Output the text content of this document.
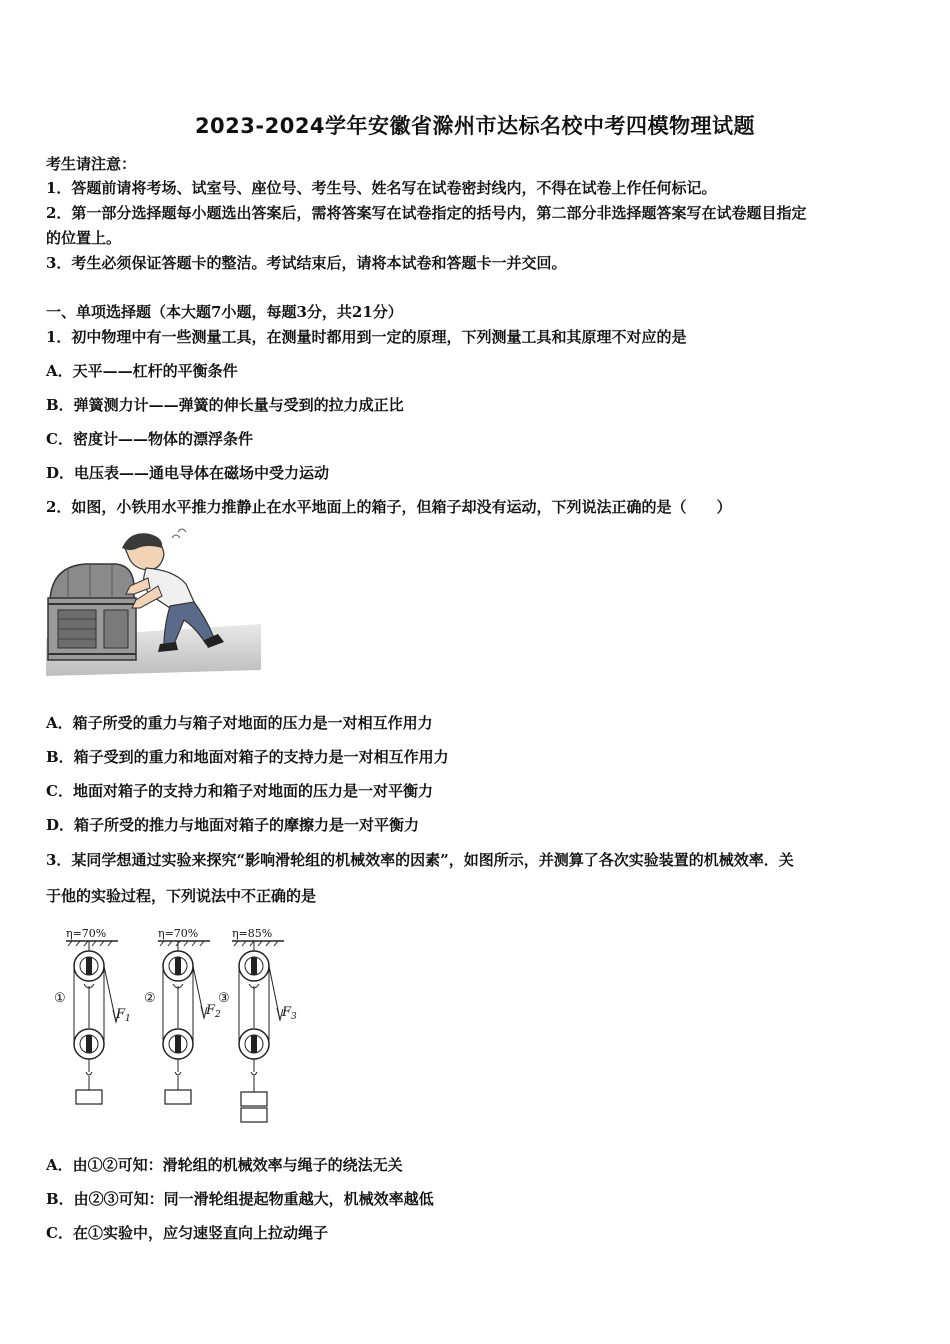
2023-2024学年安徽省滁州市达标名校中考四模物理试题
考生请注意：
1．答题前请将考场、试室号、座位号、考生号、姓名写在试卷密封线内，不得在试卷上作任何标记。
2．第一部分选择题每小题选出答案后，需将答案写在试卷指定的括号内，第二部分非选择题答案写在试卷题目指定
的位置上。
3．考生必须保证答题卡的整洁。考试结束后，请将本试卷和答题卡一并交回。
一、单项选择题（本大题7小题，每题3分，共21分）
1．初中物理中有一些测量工具，在测量时都用到一定的原理，下列测量工具和其原理不对应的是
A．天平——杠杆的平衡条件
B．弹簧测力计——弹簧的伸长量与受到的拉力成正比
C．密度计——物体的漂浮条件
D．电压表——通电导体在磁场中受力运动
2．如图，小铁用水平推力推静止在水平地面上的箱子，但箱子却没有运动，下列说法正确的是（　　）
A．箱子所受的重力与箱子对地面的压力是一对相互作用力
B．箱子受到的重力和地面对箱子的支持力是一对相互作用力
C．地面对箱子的支持力和箱子对地面的压力是一对平衡力
D．箱子所受的推力与地面对箱子的摩擦力是一对平衡力
3．某同学想通过实验来探究“影响滑轮组的机械效率的因素”，如图所示，并测算了各次实验装置的机械效率．关
于他的实验过程，下列说法中不正确的是
η=70%
$F_1$
①
η=70%
$F_2$
②
η=85%
$F_3$
③
A．由①②可知：滑轮组的机械效率与绳子的绕法无关
B．由②③可知：同一滑轮组提起物重越大，机械效率越低
C．在①实验中，应匀速竖直向上拉动绳子
